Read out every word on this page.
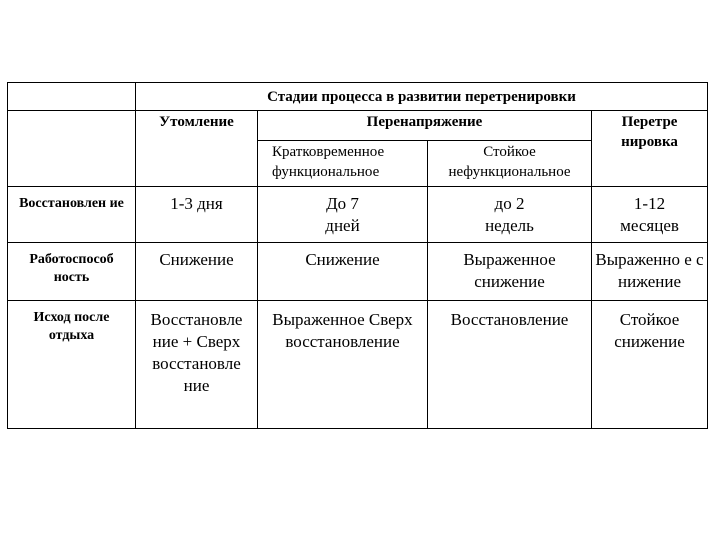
	Стадии процесса в развитии перетренировки			
	Утомление	Перенапряжение		Перетре нировка
		Кратковременное функциональное	Стойкое нефункциональное	
Восстановлен ие	1-3 дня	До 7 дней	до 2 недель	1-12 месяцев
Работоспособ ность	Снижение	Снижение	Выраженное снижение	Выраженно е снижение
Исход после отдыха	Восстановле ние + Сверх восстановле ние	Выраженное Сверх восстановление	Восстановление	Стойкое снижение
